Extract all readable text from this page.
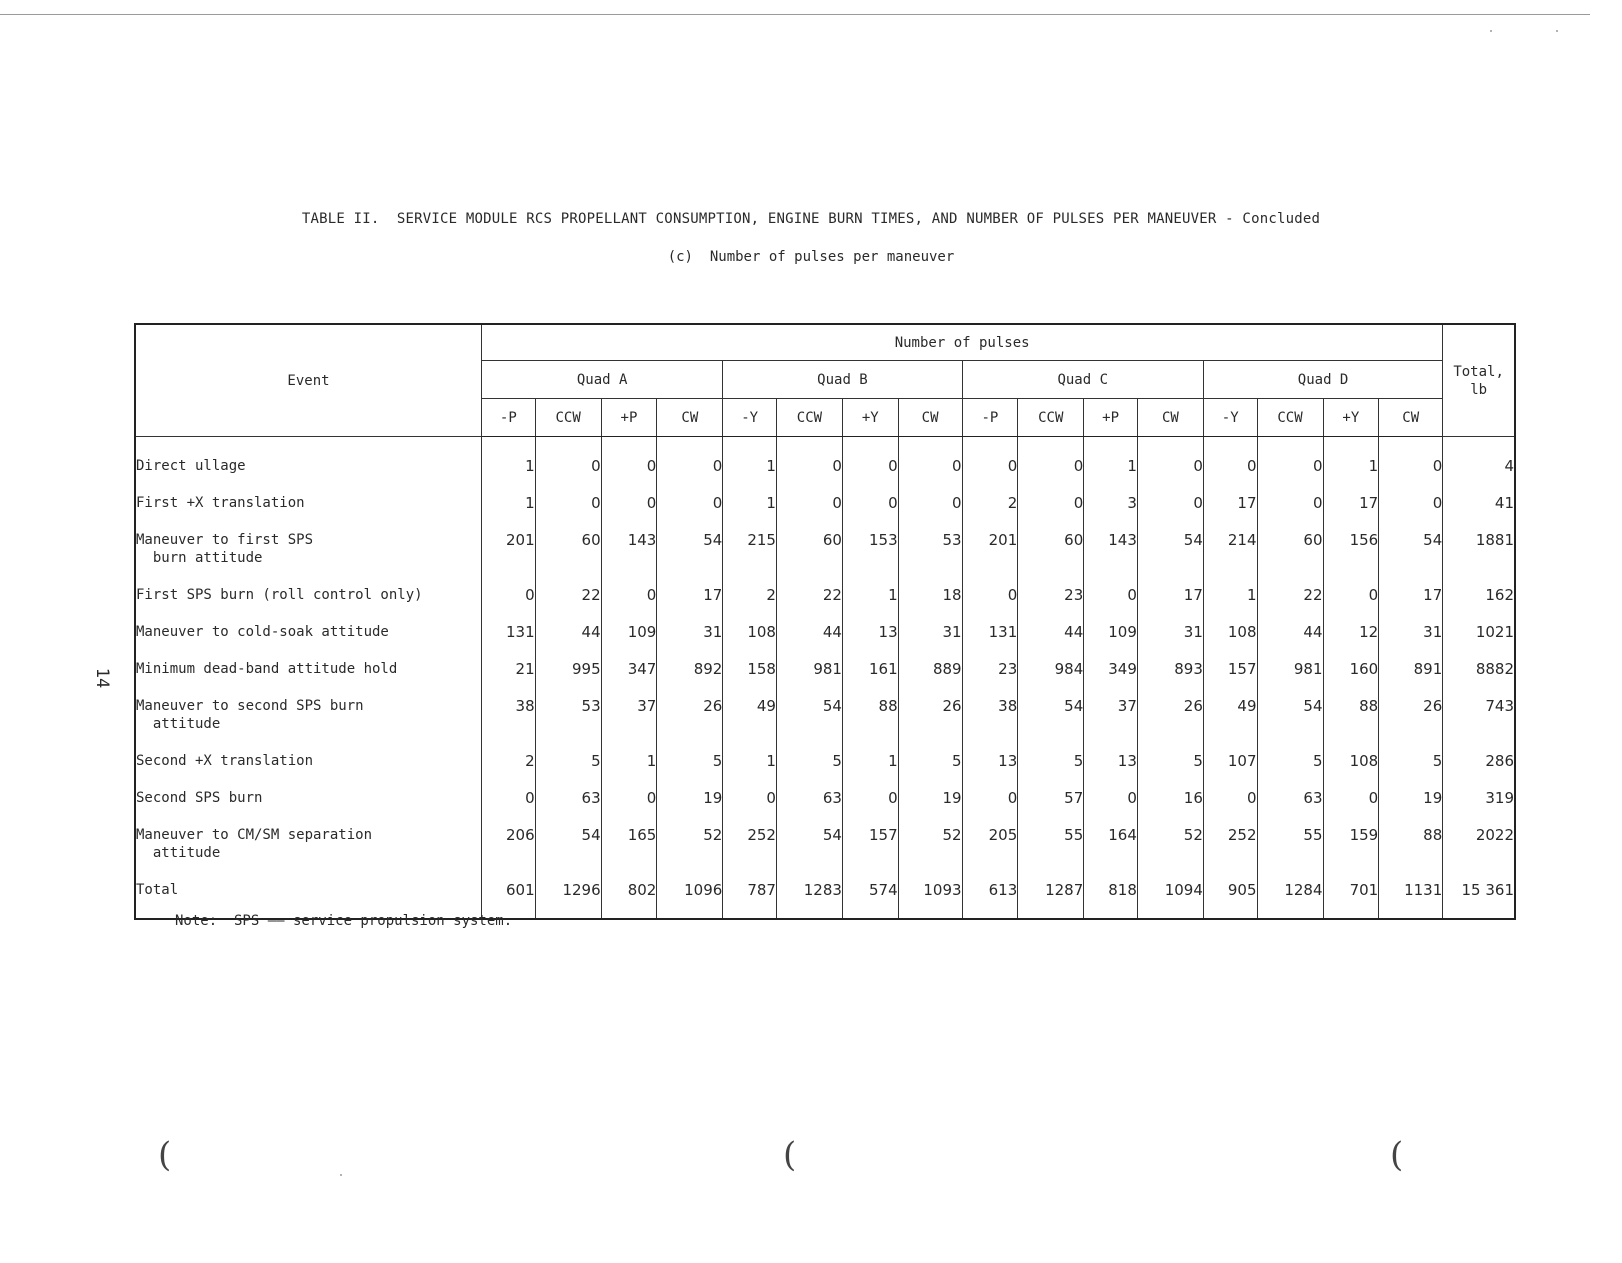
TABLE II.  SERVICE MODULE RCS PROPELLANT CONSUMPTION, ENGINE BURN TIMES, AND NUMBER OF PULSES PER MANEUVER - Concluded
(c)  Number of pulses per maneuver
14
Event	Number of pulses																Total, lb
	Quad A				Quad B				Quad C				Quad D				
	-P	CCW	+P	CW	-Y	CCW	+Y	CW	-P	CCW	+P	CW	-Y	CCW	+Y	CW	
Direct ullage	1	0	0	0	1	0	0	0	0	0	1	0	0	0	1	0	4
First +X translation	1	0	0	0	1	0	0	0	2	0	3	0	17	0	17	0	41
Maneuver to first SPS
burn attitude	201	60	143	54	215	60	153	53	201	60	143	54	214	60	156	54	1881
First SPS burn (roll control only)	0	22	0	17	2	22	1	18	0	23	0	17	1	22	0	17	162
Maneuver to cold-soak attitude	131	44	109	31	108	44	13	31	131	44	109	31	108	44	12	31	1021
Minimum dead-band attitude hold	21	995	347	892	158	981	161	889	23	984	349	893	157	981	160	891	8882
Maneuver to second SPS burn
attitude	38	53	37	26	49	54	88	26	38	54	37	26	49	54	88	26	743
Second +X translation	2	5	1	5	1	5	1	5	13	5	13	5	107	5	108	5	286
Second SPS burn	0	63	0	19	0	63	0	19	0	57	0	16	0	63	0	19	319
Maneuver to CM/SM separation
attitude	206	54	165	52	252	54	157	52	205	55	164	52	252	55	159	88	2022
Total	601	1296	802	1096	787	1283	574	1093	613	1287	818	1094	905	1284	701	1131	15 361
Note:  SPS —— service propulsion system.
(	(	(
